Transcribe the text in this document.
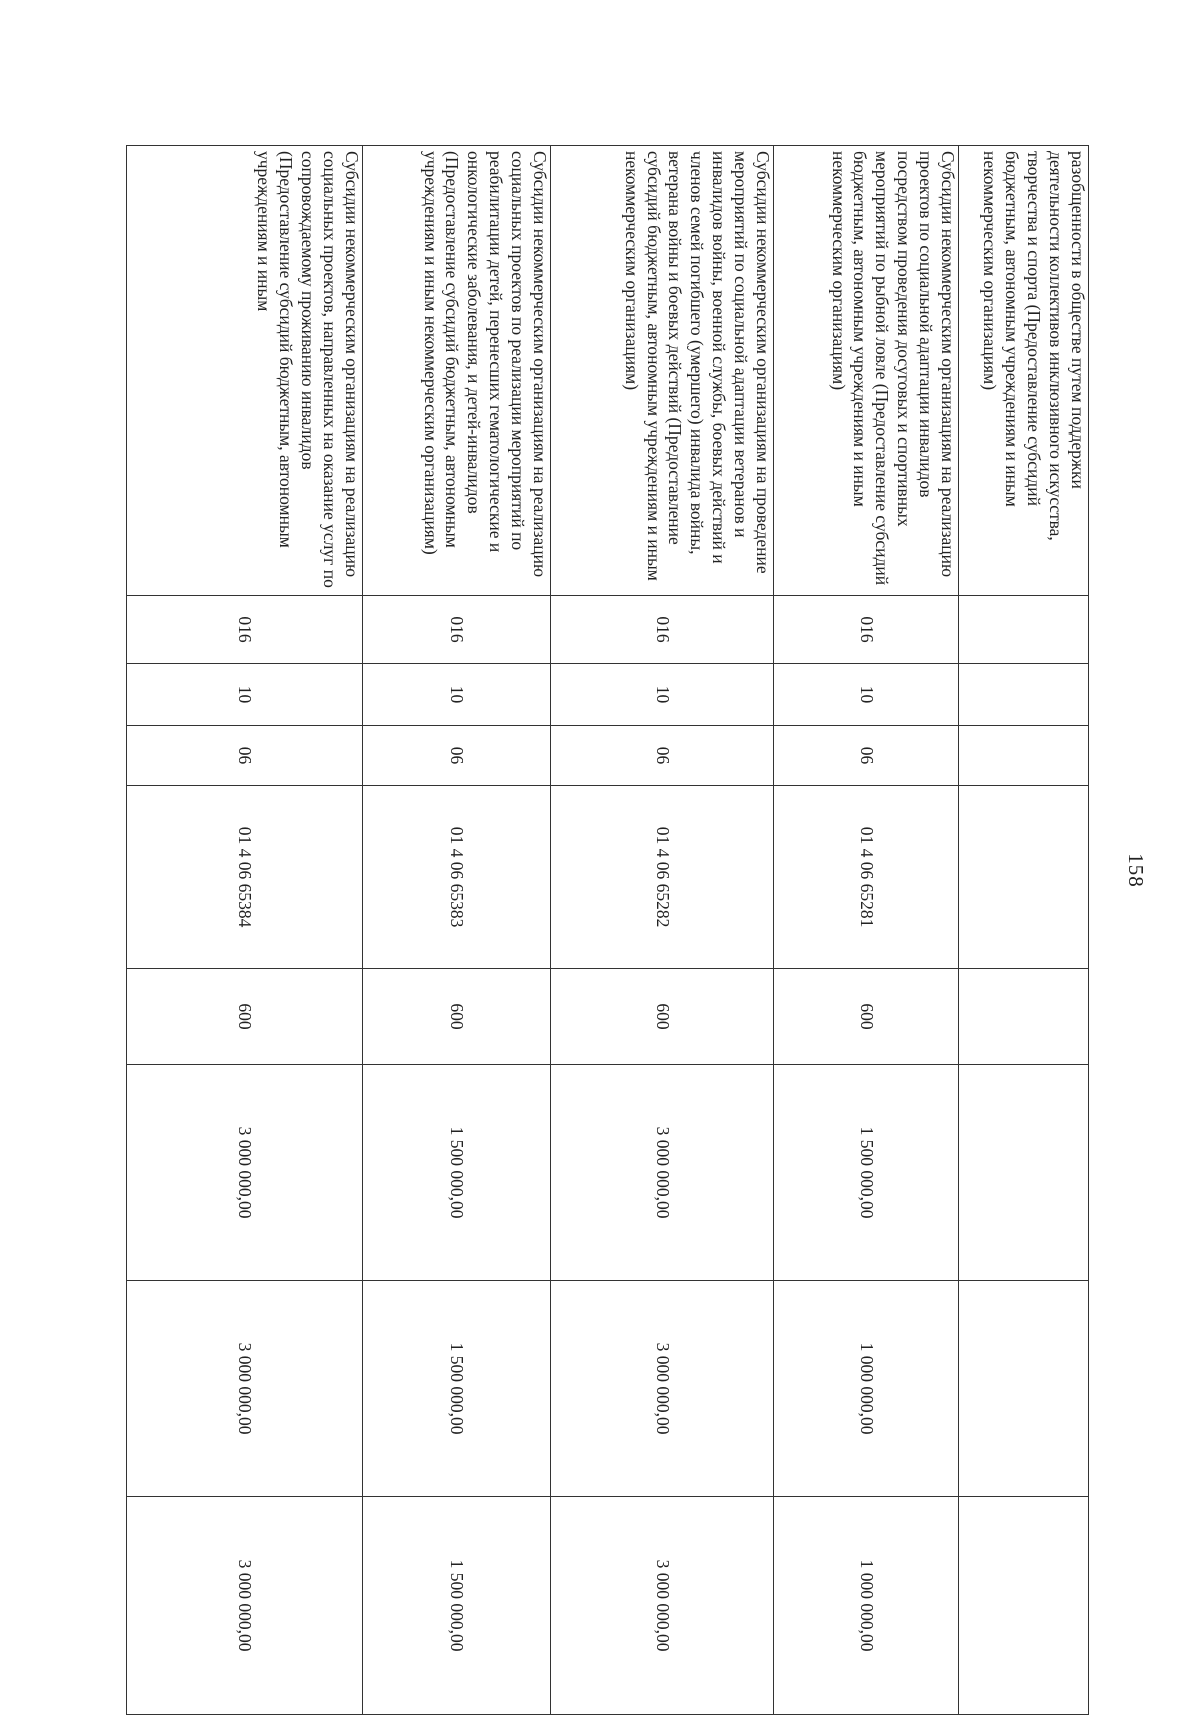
158
разобщенности в обществе путем поддержки деятельности коллективов инклюзивного искусства, творчества и спорта (Предоставление субсидий бюджетным, автономным учреждениям и иным некоммерческим организациям)								
Субсидии некоммерческим организациям на реализацию проектов по социальной адаптации инвалидов посредством проведения досуговых и спортивных мероприятий по рыбной ловле (Предоставление субсидий бюджетным, автономным учреждениям и иным некоммерческим организациям)	016	10	06	01 4 06 65281	600	1 500 000,00	1 000 000,00	1 000 000,00
Субсидии некоммерческим организациям на проведение мероприятий по социальной адаптации ветеранов и инвалидов войны, военной службы, боевых действий и членов семей погибшего (умершего) инвалида войны, ветерана войны и боевых действий (Предоставление субсидий бюджетным, автономным учреждениям и иным некоммерческим организациям)	016	10	06	01 4 06 65282	600	3 000 000,00	3 000 000,00	3 000 000,00
Субсидии некоммерческим организациям на реализацию социальных проектов по реализации мероприятий по реабилитации детей, перенесших гематологические и онкологические заболевания, и детей-инвалидов (Предоставление субсидий бюджетным, автономным учреждениям и иным некоммерческим организациям)	016	10	06	01 4 06 65383	600	1 500 000,00	1 500 000,00	1 500 000,00
Субсидии некоммерческим организациям на реализацию социальных проектов, направленных на оказание услуг по сопровождаемому проживанию инвалидов (Предоставление субсидий бюджетным, автономным учреждениям и иным	016	10	06	01 4 06 65384	600	3 000 000,00	3 000 000,00	3 000 000,00
